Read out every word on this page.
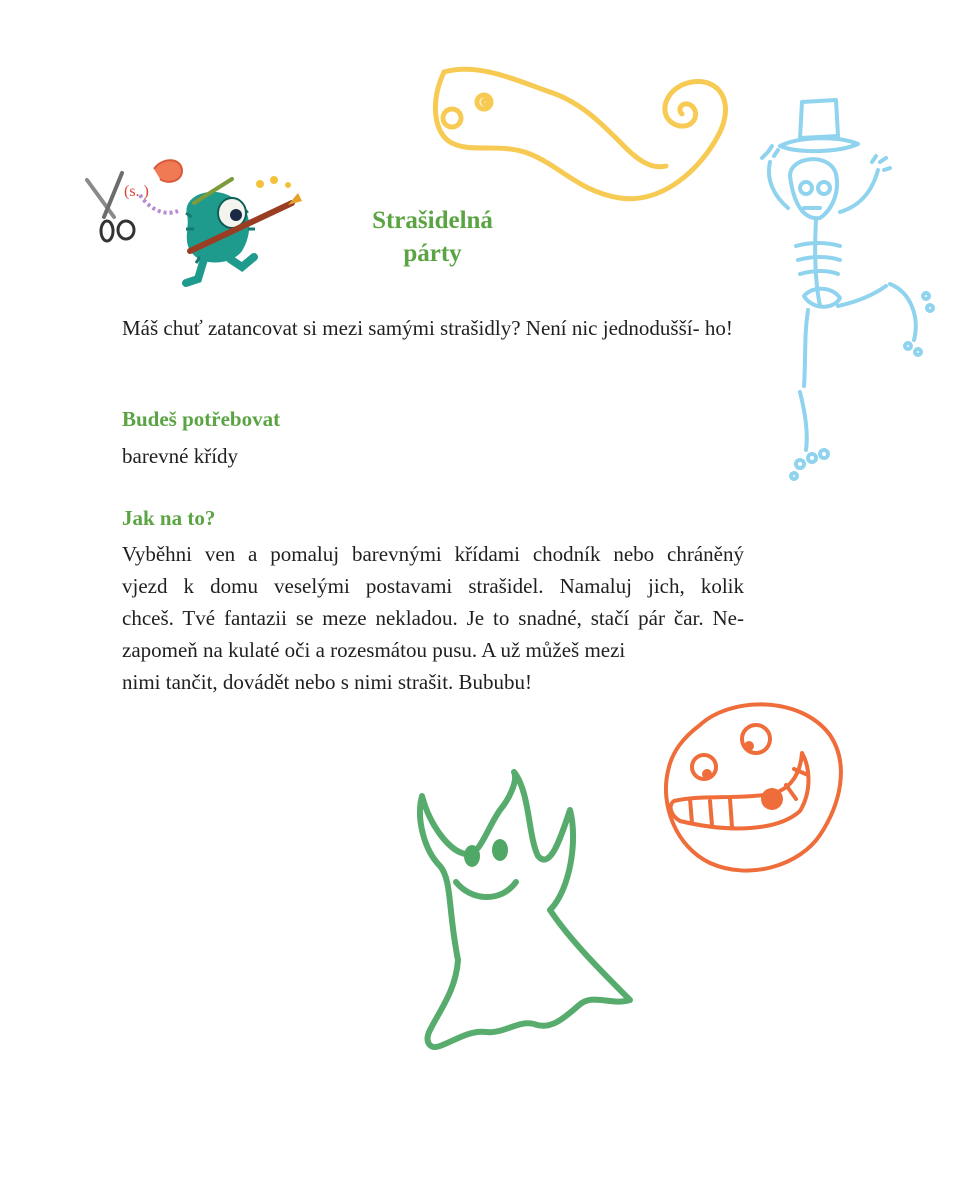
(s. )
Strašidelná
párty
Máš chuť zatancovat si mezi samými strašidly? Není nic jednodušší- ho!
Budeš potřebovat
barevné křídy
Jak na to?
Vyběhni ven a pomaluj barevnými křídami chodník nebo chráněný
vjezd k domu veselými postavami strašidel. Namaluj jich, kolik
chceš. Tvé fantazii se meze nekladou. Je to snadné, stačí pár čar. Ne-
zapomeň na kulaté oči a rozesmátou pusu. A už můžeš mezi
nimi tančit, dovádět nebo s nimi strašit. Bububu!
